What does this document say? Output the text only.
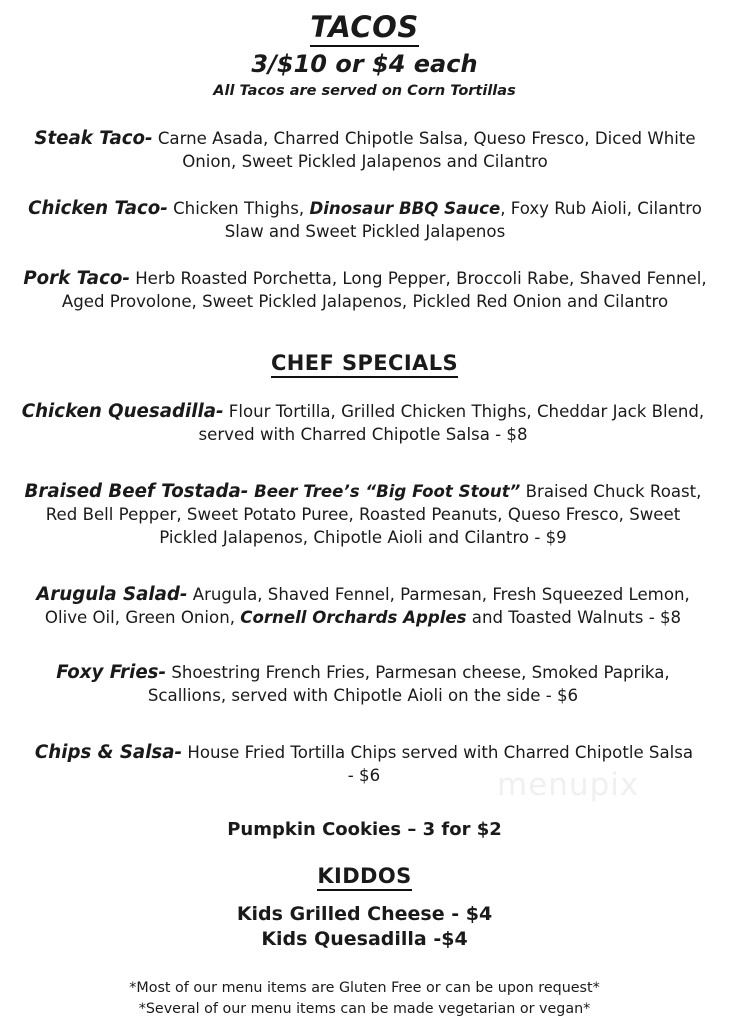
TACOS
3/$10 or $4 each
All Tacos are served on Corn Tortillas
Steak Taco- Carne Asada, Charred Chipotle Salsa, Queso Fresco, Diced White Onion, Sweet Pickled Jalapenos and Cilantro
Chicken Taco- Chicken Thighs, Dinosaur BBQ Sauce, Foxy Rub Aioli, Cilantro Slaw and Sweet Pickled Jalapenos
Pork Taco- Herb Roasted Porchetta, Long Pepper, Broccoli Rabe, Shaved Fennel, Aged Provolone, Sweet Pickled Jalapenos, Pickled Red Onion and Cilantro
CHEF SPECIALS
Chicken Quesadilla- Flour Tortilla, Grilled Chicken Thighs, Cheddar Jack Blend, served with Charred Chipotle Salsa - $8
Braised Beef Tostada- Beer Tree’s “Big Foot Stout” Braised Chuck Roast, Red Bell Pepper, Sweet Potato Puree, Roasted Peanuts, Queso Fresco, Sweet Pickled Jalapenos, Chipotle Aioli and Cilantro - $9
Arugula Salad- Arugula, Shaved Fennel, Parmesan, Fresh Squeezed Lemon, Olive Oil, Green Onion, Cornell Orchards Apples and Toasted Walnuts - $8
Foxy Fries- Shoestring French Fries, Parmesan cheese, Smoked Paprika, Scallions, served with Chipotle Aioli on the side - $6
Chips & Salsa- House Fried Tortilla Chips served with Charred Chipotle Salsa - $6
Pumpkin Cookies – 3 for $2
KIDDOS
Kids Grilled Cheese - $4
Kids Quesadilla -$4
*Most of our menu items are Gluten Free or can be upon request*
*Several of our menu items can be made vegetarian or vegan*
menupix
